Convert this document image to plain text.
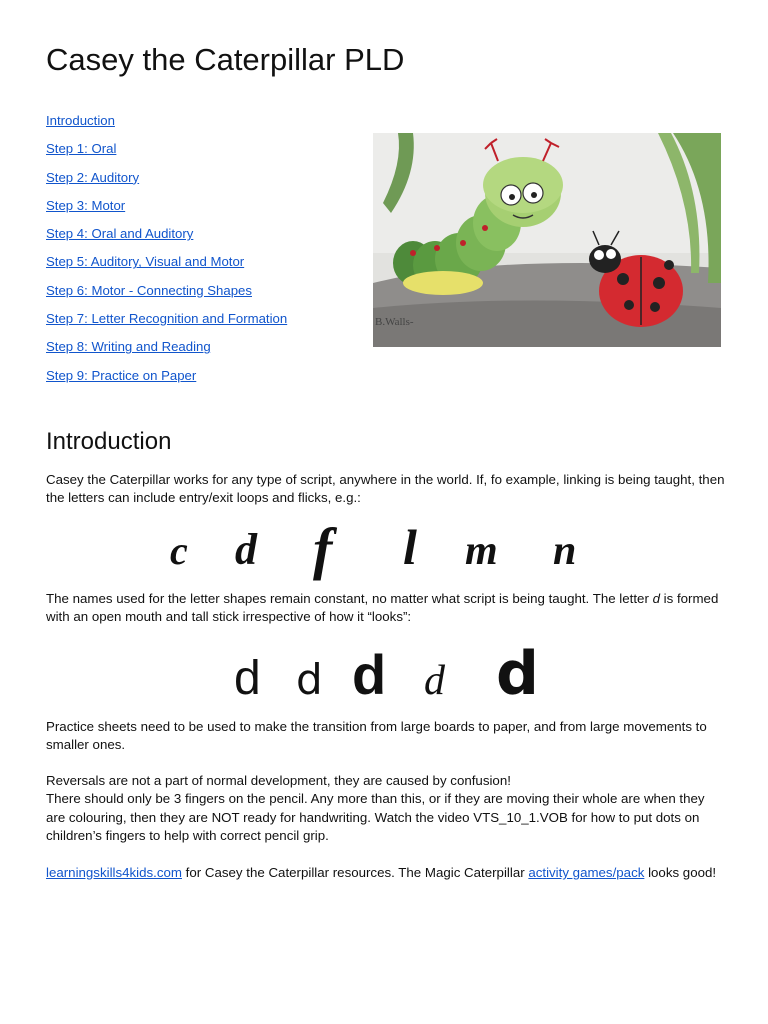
Casey the Caterpillar PLD
Introduction
Step 1: Oral
Step 2: Auditory
Step 3: Motor
Step 4: Oral and Auditory
Step 5: Auditory, Visual and Motor
Step 6: Motor - Connecting Shapes
Step 7: Letter Recognition and Formation
Step 8: Writing and Reading
Step 9: Practice on Paper
B.Walls-
Introduction

Casey the Caterpillar works for any type of script, anywhere in the world. If, fo example, linking is being taught, then the letters can include entry/exit loops and flicks, e.g.:

c d f l m n

The names used for the letter shapes remain constant, no matter what script is being taught. The letter d is formed with an open mouth and tall stick irrespective of how it “looks”:

d d d d d

Practice sheets need to be used to make the transition from large boards to paper, and from large movements to smaller ones.

Reversals are not a part of normal development, they are caused by confusion!
There should only be 3 fingers on the pencil. Any more than this, or if they are moving their whole are when they are colouring, then they are NOT ready for handwriting. Watch the video VTS_10_1.VOB for how to put dots on children’s fingers to help with correct pencil grip.

learningskills4kids.com for Casey the Caterpillar resources. The Magic Caterpillar activity games/pack looks good!
